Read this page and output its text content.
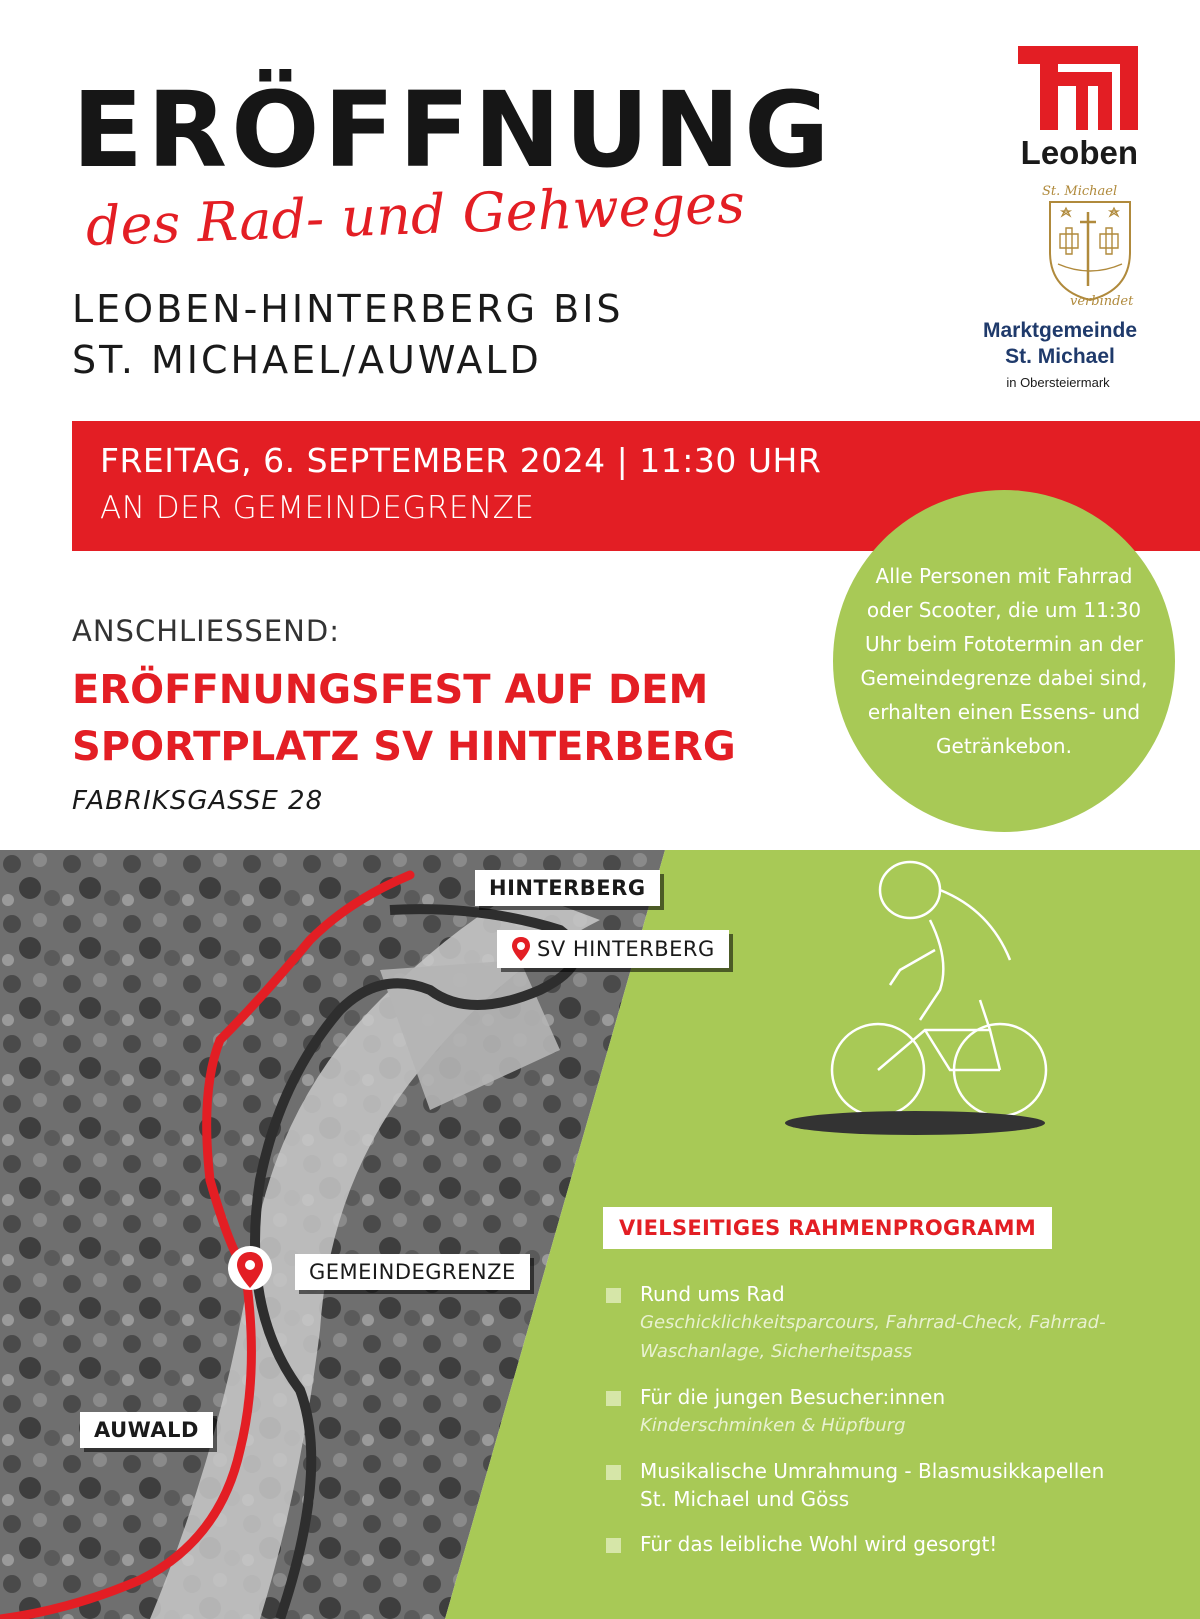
ERÖFFNUNG
des Rad- und Gehweges
LEOBEN-HINTERBERG BIS
ST. MICHAEL/AUWALD
Leoben
St. Michael
verbindet
Marktgemeinde
St. Michael
in Obersteiermark
FREITAG, 6. SEPTEMBER 2024 | 11:30 UHR
AN DER GEMEINDEGRENZE
Alle Personen mit Fahrrad oder Scooter, die um 11:30 Uhr beim Fototermin an der Gemeindegrenze dabei sind, erhalten einen Essens- und Getränkebon.
ANSCHLIESSEND:
ERÖFFNUNGSFEST AUF DEM
SPORTPLATZ SV HINTERBERG
FABRIKSGASSE 28
HINTERBERG
SV HINTERBERG
GEMEINDEGRENZE
AUWALD
VIELSEITIGES RAHMENPROGRAMM
Rund ums Rad
Geschicklichkeitsparcours, Fahrrad-Check, Fahrrad-Waschanlage, Sicherheitspass
Für die jungen Besucher:innen
Kinderschminken & Hüpfburg
Musikalische Umrahmung - Blasmusikkapellen St. Michael und Göss
Für das leibliche Wohl wird gesorgt!
